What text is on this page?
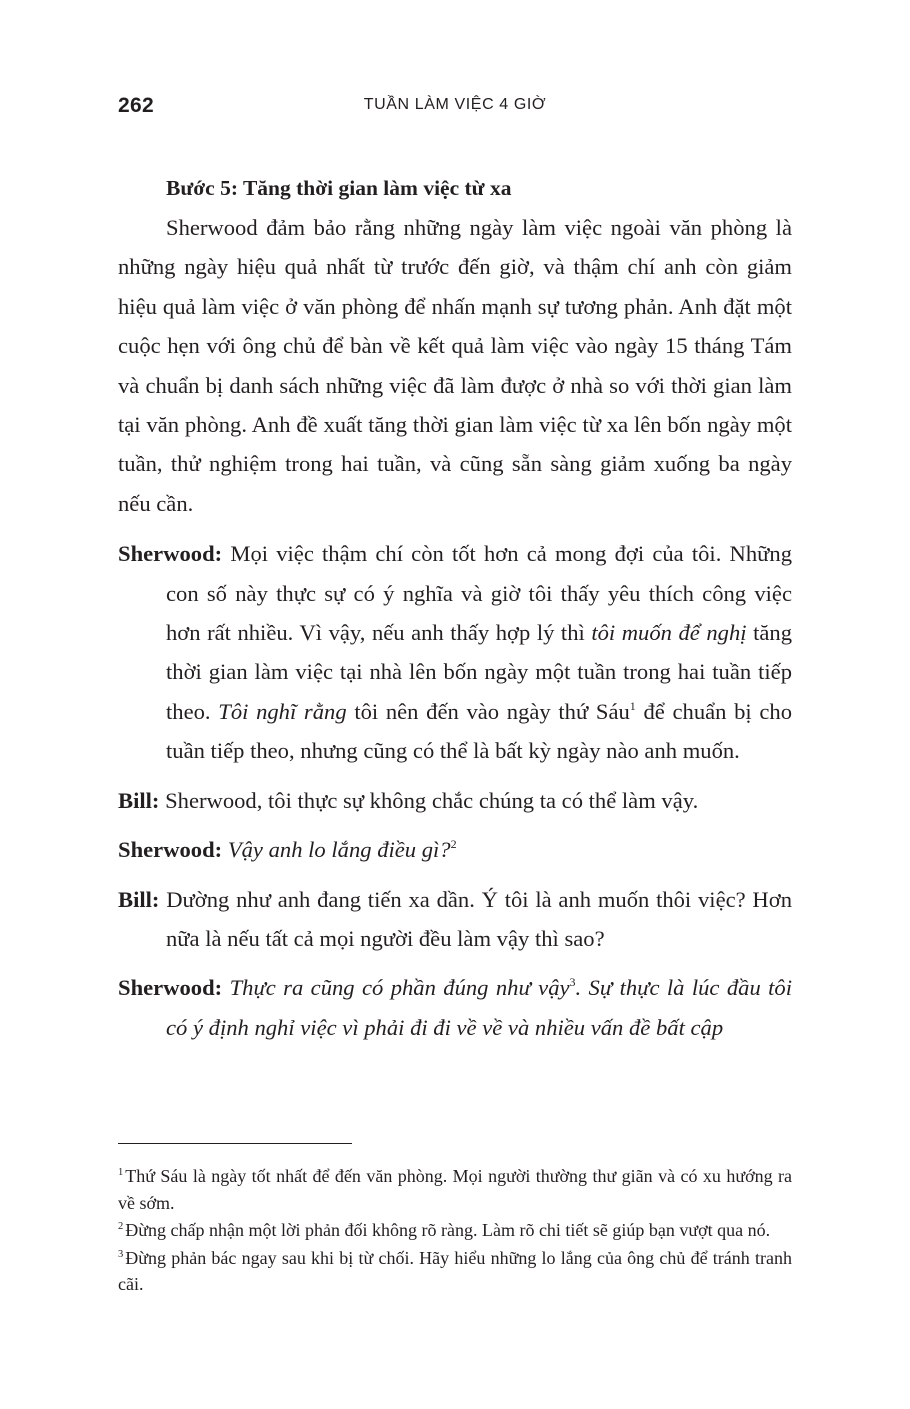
262	TUẦN LÀM VIỆC 4 GIỜ
Bước 5: Tăng thời gian làm việc từ xa

Sherwood đảm bảo rằng những ngày làm việc ngoài văn phòng là những ngày hiệu quả nhất từ trước đến giờ, và thậm chí anh còn giảm hiệu quả làm việc ở văn phòng để nhấn mạnh sự tương phản. Anh đặt một cuộc hẹn với ông chủ để bàn về kết quả làm việc vào ngày 15 tháng Tám và chuẩn bị danh sách những việc đã làm được ở nhà so với thời gian làm tại văn phòng. Anh đề xuất tăng thời gian làm việc từ xa lên bốn ngày một tuần, thử nghiệm trong hai tuần, và cũng sẵn sàng giảm xuống ba ngày nếu cần.

Sherwood: Mọi việc thậm chí còn tốt hơn cả mong đợi của tôi. Những con số này thực sự có ý nghĩa và giờ tôi thấy yêu thích công việc hơn rất nhiều. Vì vậy, nếu anh thấy hợp lý thì tôi muốn để nghị tăng thời gian làm việc tại nhà lên bốn ngày một tuần trong hai tuần tiếp theo. Tôi nghĩ rằng tôi nên đến vào ngày thứ Sáu$^1$ để chuẩn bị cho tuần tiếp theo, nhưng cũng có thể là bất kỳ ngày nào anh muốn.

Bill: Sherwood, tôi thực sự không chắc chúng ta có thể làm vậy.

Sherwood: Vậy anh lo lắng điều gì?$^2$

Bill: Dường như anh đang tiến xa dần. Ý tôi là anh muốn thôi việc? Hơn nữa là nếu tất cả mọi người đều làm vậy thì sao?

Sherwood: Thực ra cũng có phần đúng như vậy$^3$. Sự thực là lúc đầu tôi có ý định nghỉ việc vì phải đi đi về về và nhiều vấn đề bất cập

$^1$ Thứ Sáu là ngày tốt nhất để đến văn phòng. Mọi người thường thư giãn và có xu hướng ra về sớm.

$^2$ Đừng chấp nhận một lời phản đối không rõ ràng. Làm rõ chi tiết sẽ giúp bạn vượt qua nó.

$^3$ Đừng phản bác ngay sau khi bị từ chối. Hãy hiểu những lo lắng của ông chủ để tránh tranh cãi.
